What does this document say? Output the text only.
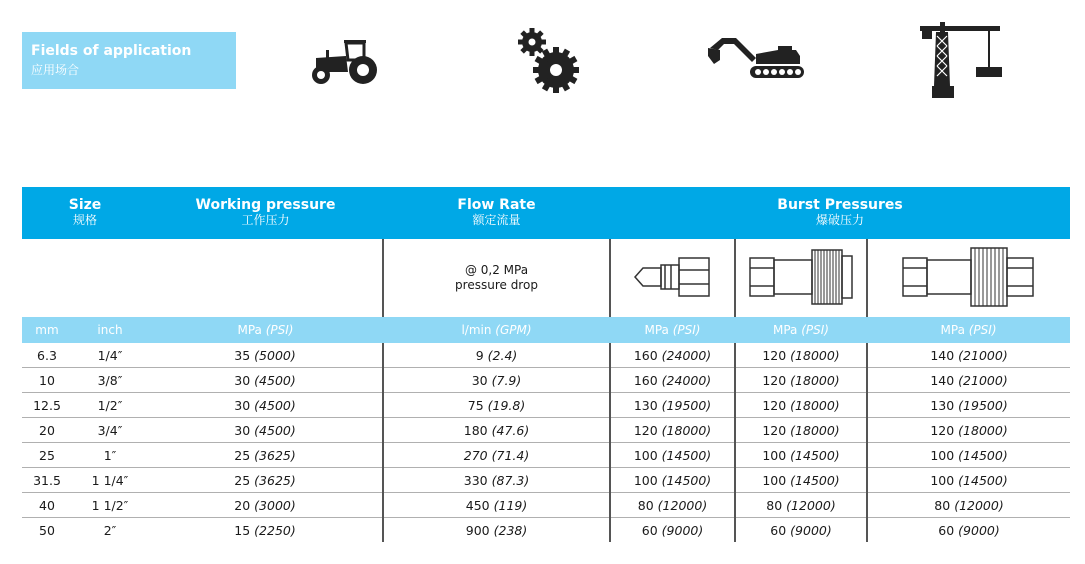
Fields of application
应用场合
Size
规格		Working pressure
工作压力	Flow Rate
额定流量	Burst Pressures
爆破压力		

			@ 0,2 MPa
pressure drop

mm	inch	MPa (PSI)	l/min (GPM)	MPa (PSI)	MPa (PSI)	MPa (PSI)
6.3	1/4″	35 (5000)	9 (2.4)	160 (24000)	120 (18000)	140 (21000)
10	3/8″	30 (4500)	30 (7.9)	160 (24000)	120 (18000)	140 (21000)
12.5	1/2″	30 (4500)	75 (19.8)	130 (19500)	120 (18000)	130 (19500)
20	3/4″	30 (4500)	180 (47.6)	120 (18000)	120 (18000)	120 (18000)
25	1″	25 (3625)	270 (71.4)	100 (14500)	100 (14500)	100 (14500)
31.5	1 1/4″	25 (3625)	330 (87.3)	100 (14500)	100 (14500)	100 (14500)
40	1 1/2″	20 (3000)	450 (119)	80 (12000)	80 (12000)	80 (12000)
50	2″	15 (2250)	900 (238)	60 (9000)	60 (9000)	60 (9000)
